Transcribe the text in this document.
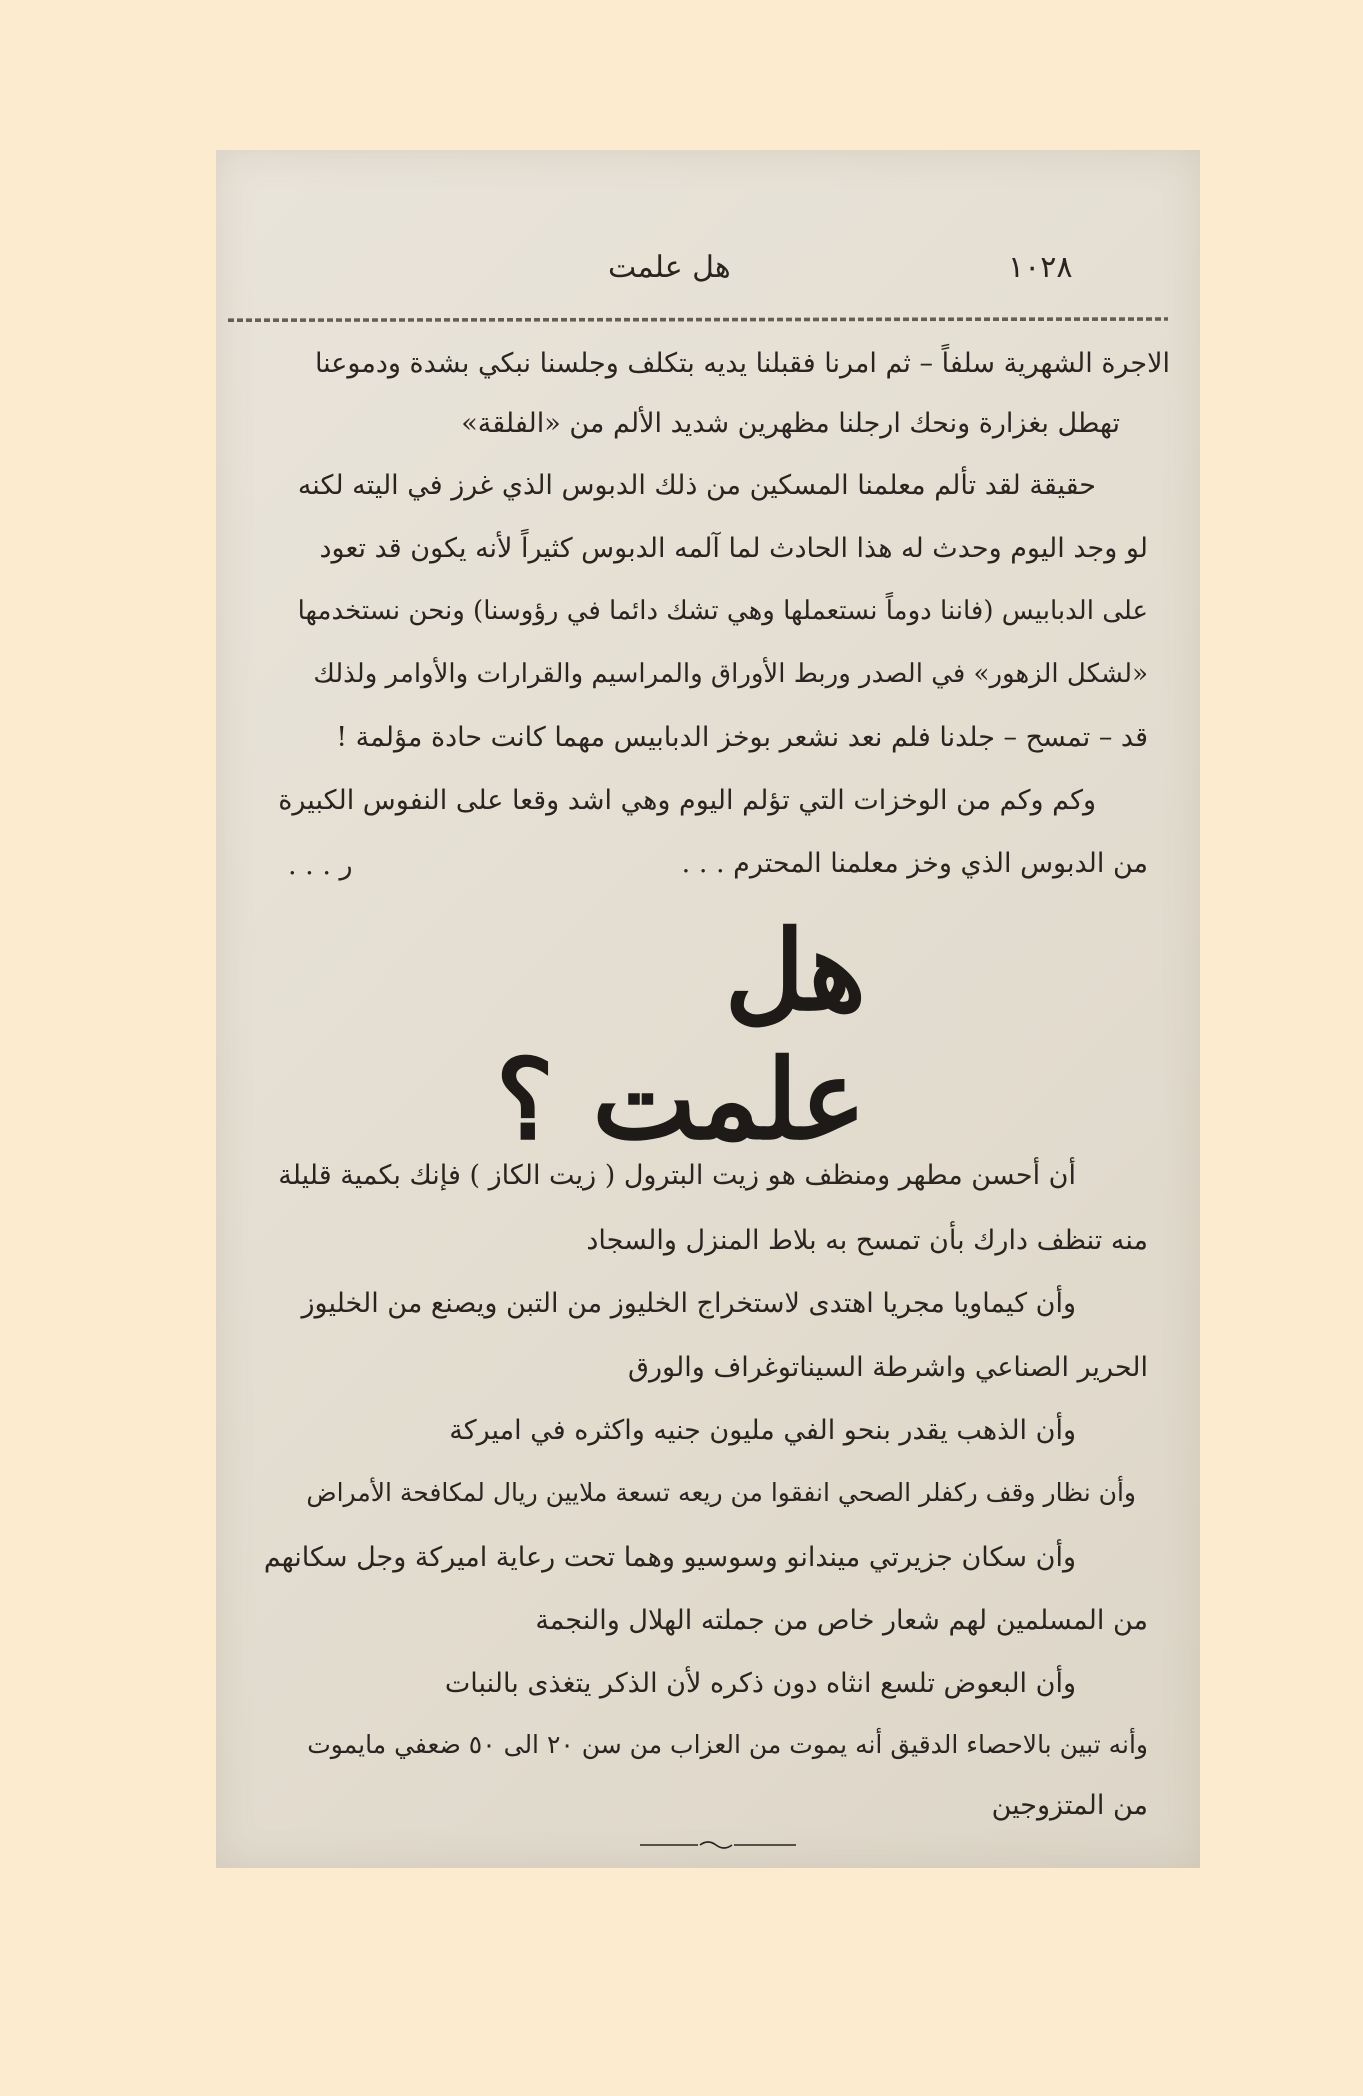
١٠٢٨
هل علمت
الاجرة الشهرية سلفاً – ثم امرنا فقبلنا يديه بتكلف وجلسنا نبكي بشدة ودموعنا
تهطل بغزارة ونحك ارجلنا مظهرين شديد الألم من «الفلقة»
حقيقة لقد تألم معلمنا المسكين من ذلك الدبوس الذي غرز في اليته لكنه
لو وجد اليوم وحدث له هذا الحادث لما آلمه الدبوس كثيراً لأنه يكون قد تعود
على الدبابيس (فاننا دوماً نستعملها وهي تشك دائما في رؤوسنا) ونحن نستخدمها
«لشكل الزهور» في الصدر وربط الأوراق والمراسيم والقرارات والأوامر ولذلك
قد – تمسح – جلدنا فلم نعد نشعر بوخز الدبابيس مهما كانت حادة مؤلمة !
وكم وكم من الوخزات التي تؤلم اليوم وهي اشد وقعا على النفوس الكبيرة
من الدبوس الذي وخز معلمنا المحترم . . .
ر . . .
هل علمت ؟
أن أحسن مطهر ومنظف هو زيت البترول ( زيت الكاز ) فإنك بكمية قليلة
منه تنظف دارك بأن تمسح به بلاط المنزل والسجاد
وأن كيماويا مجريا اهتدى لاستخراج الخليوز من التبن ويصنع من الخليوز
الحرير الصناعي واشرطة السيناتوغراف والورق
وأن الذهب يقدر بنحو الفي مليون جنيه واكثره في اميركة
وأن نظار وقف ركفلر الصحي انفقوا من ريعه تسعة ملايين ريال لمكافحة الأمراض
وأن سكان جزيرتي ميندانو وسوسيو وهما تحت رعاية اميركة وجل سكانهم
من المسلمين لهم شعار خاص من جملته الهلال والنجمة
وأن البعوض تلسع انثاه دون ذكره لأن الذكر يتغذى بالنبات
وأنه تبين بالاحصاء الدقيق أنه يموت من العزاب من سن ٢٠ الى ٥٠ ضعفي مايموت
من المتزوجين
